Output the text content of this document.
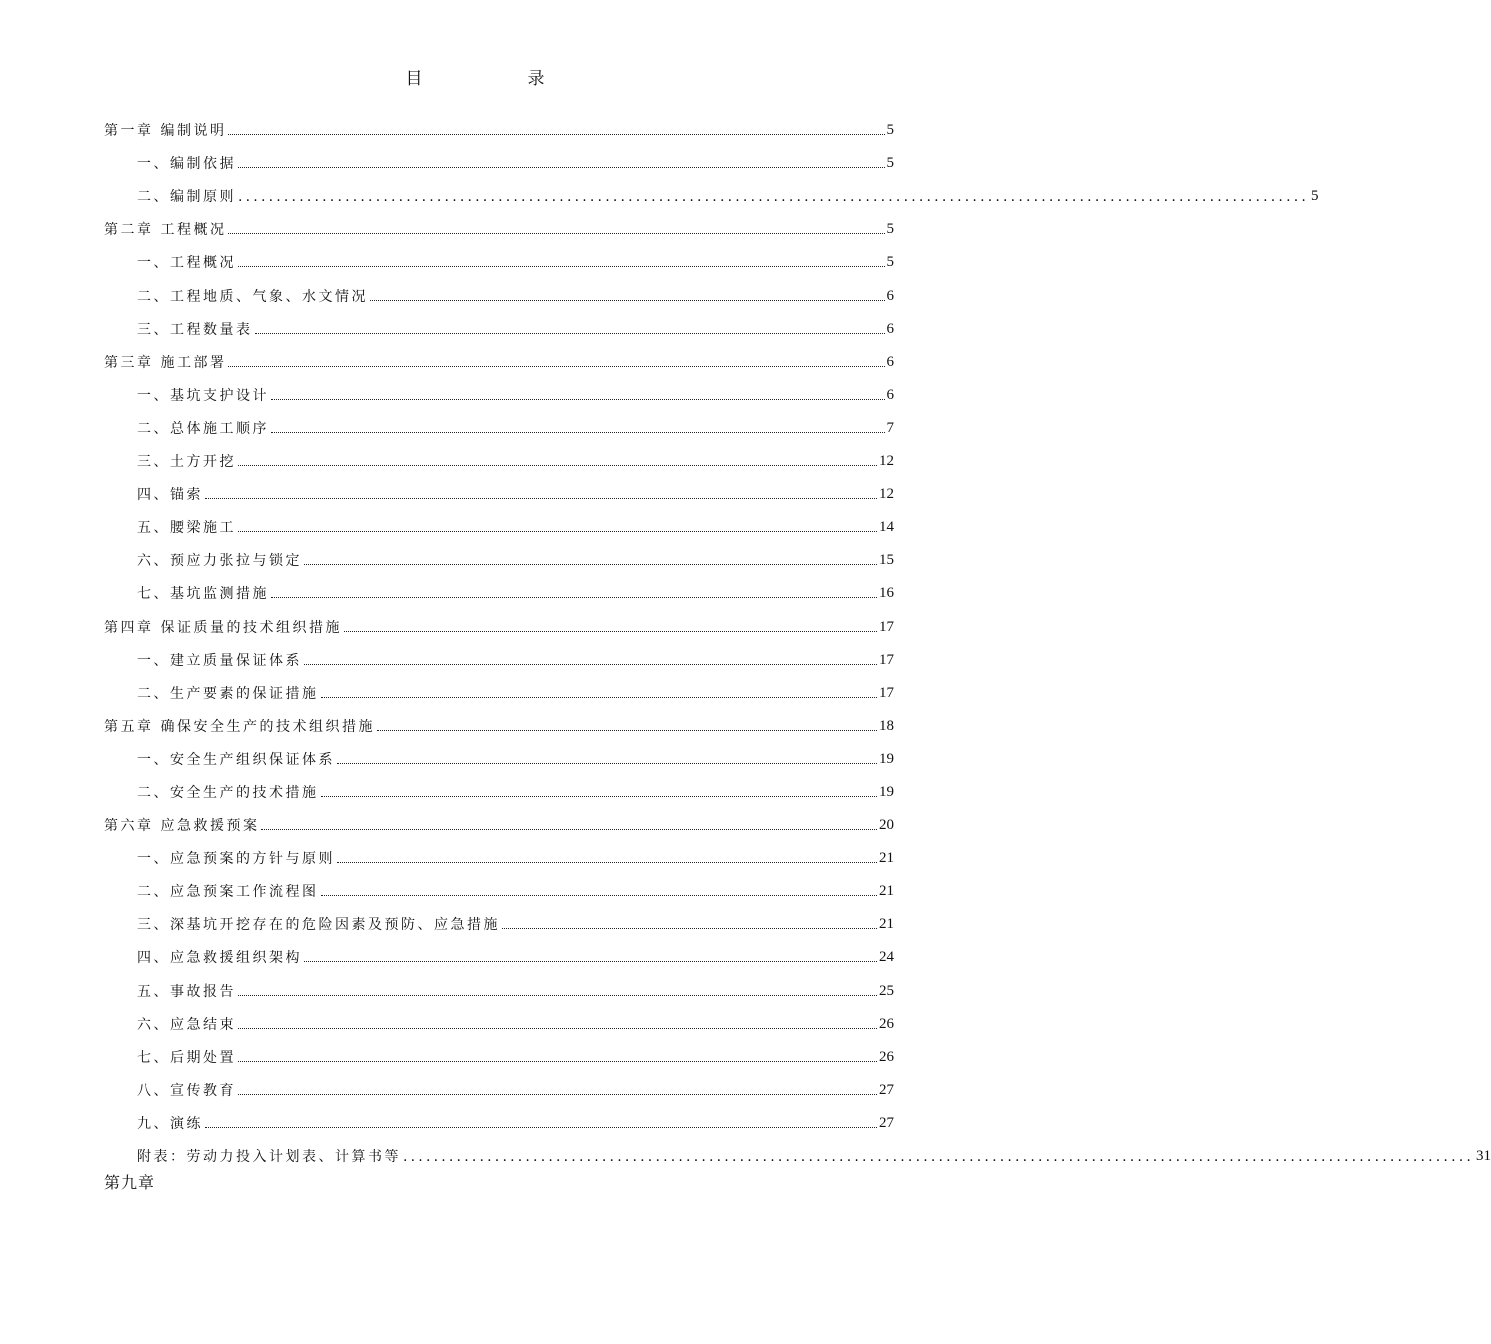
目　录
第一章 编制说明	5
一、编制依据	5
二、编制原则 ............................................................................................................................................ 5
第二章 工程概况	5
一、工程概况	5
二、工程地质、气象、水文情况	6
三、工程数量表	6
第三章 施工部署	6
一、基坑支护设计	6
二、总体施工顺序	7
三、土方开挖	12
四、锚索	12
五、腰梁施工	14
六、预应力张拉与锁定	15
七、基坑监测措施	16
第四章 保证质量的技术组织措施	17
一、建立质量保证体系	17
二、生产要素的保证措施	17
第五章 确保安全生产的技术组织措施	18
一、安全生产组织保证体系	19
二、安全生产的技术措施	19
第六章 应急救援预案	20
一、应急预案的方针与原则	21
二、应急预案工作流程图	21
三、深基坑开挖存在的危险因素及预防、应急措施	21
四、应急救援组织架构	24
五、事故报告	25
六、应急结束	26
七、后期处置	26
八、宣传教育	27
九、演练	27
附表：劳动力投入计划表、计算书等 ............................................................................................................................................ 31
第九章
